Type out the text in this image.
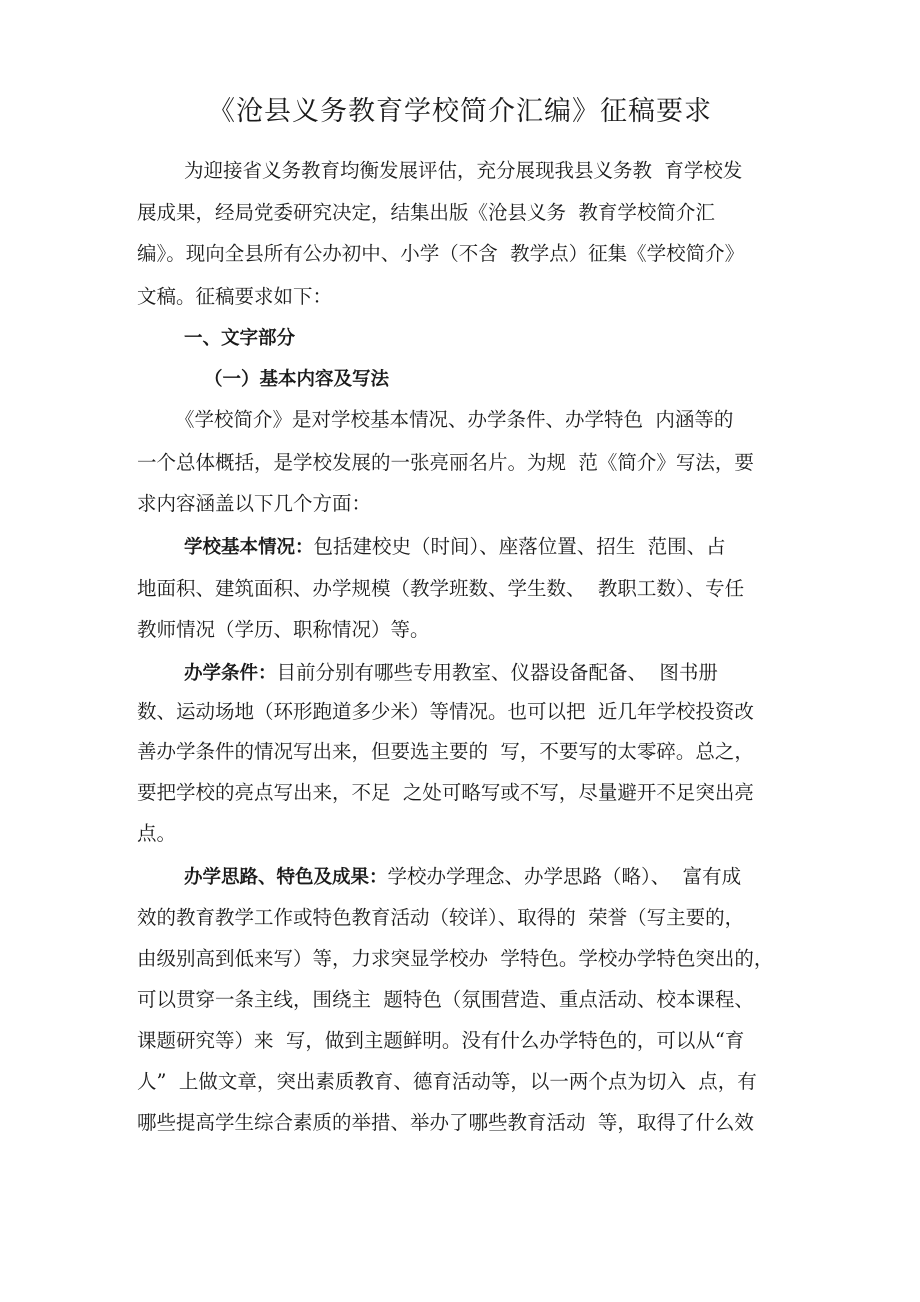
《沧县义务教育学校简介汇编》征稿要求

为迎接省义务教育均衡发展评估，充分展现我县义务教  育学校发

展成果，经局党委研究决定，结集出版《沧县义务  教育学校简介汇

编》。现向全县所有公办初中、小学（不含  教学点）征集《学校简介》

文稿。征稿要求如下：

一、文字部分

（一）基本内容及写法

《学校简介》是对学校基本情况、办学条件、办学特色  内涵等的

一个总体概括，是学校发展的一张亮丽名片。为规  范《简介》写法，要

求内容涵盖以下几个方面：

学校基本情况：包括建校史（时间）、座落位置、招生  范围、占

地面积、建筑面积、办学规模（教学班数、学生数、  教职工数）、专任

教师情况（学历、职称情况）等。

办学条件：目前分别有哪些专用教室、仪器设备配备、  图书册

数、运动场地（环形跑道多少米）等情况。也可以把  近几年学校投资改

善办学条件的情况写出来，但要选主要的  写，不要写的太零碎。总之，

要把学校的亮点写出来，不足  之处可略写或不写，尽量避开不足突出亮

点。

办学思路、特色及成果：学校办学理念、办学思路（略）、  富有成

效的教育教学工作或特色教育活动（较详）、取得的  荣誉（写主要的，

由级别高到低来写）等，力求突显学校办  学特色。学校办学特色突出的，

可以贯穿一条主线，围绕主  题特色（氛围营造、重点活动、校本课程、

课题研究等）来  写，做到主题鲜明。没有什么办学特色的，可以从“育

人”  上做文章，突出素质教育、德育活动等，以一两个点为切入  点，有

哪些提高学生综合素质的举措、举办了哪些教育活动  等，取得了什么效
